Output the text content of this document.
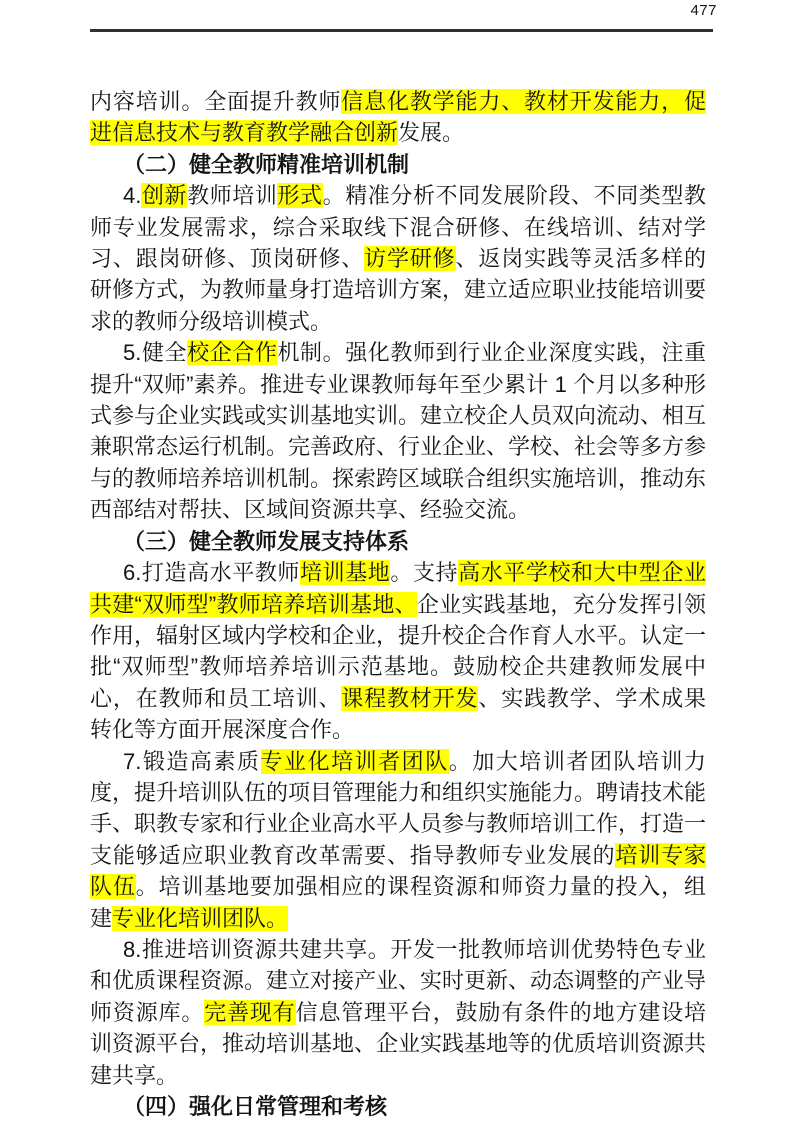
477
内容培训。全面提升教师信息化教学能力、教材开发能力，促进信息技术与教育教学融合创新发展。
（二）健全教师精准培训机制
4.创新教师培训形式。精准分析不同发展阶段、不同类型教师专业发展需求，综合采取线下混合研修、在线培训、结对学习、跟岗研修、顶岗研修、访学研修、返岗实践等灵活多样的研修方式，为教师量身打造培训方案，建立适应职业技能培训要求的教师分级培训模式。
5.健全校企合作机制。强化教师到行业企业深度实践，注重提升“双师”素养。推进专业课教师每年至少累计 1 个月以多种形式参与企业实践或实训基地实训。建立校企人员双向流动、相互兼职常态运行机制。完善政府、行业企业、学校、社会等多方参与的教师培养培训机制。探索跨区域联合组织实施培训，推动东西部结对帮扶、区域间资源共享、经验交流。
（三）健全教师发展支持体系
6.打造高水平教师培训基地。支持高水平学校和大中型企业共建“双师型”教师培养培训基地、企业实践基地，充分发挥引领作用，辐射区域内学校和企业，提升校企合作育人水平。认定一批“双师型”教师培养培训示范基地。鼓励校企共建教师发展中心，在教师和员工培训、课程教材开发、实践教学、学术成果转化等方面开展深度合作。
7.锻造高素质专业化培训者团队。加大培训者团队培训力度，提升培训队伍的项目管理能力和组织实施能力。聘请技术能手、职教专家和行业企业高水平人员参与教师培训工作，打造一支能够适应职业教育改革需要、指导教师专业发展的培训专家队伍。培训基地要加强相应的课程资源和师资力量的投入，组建专业化培训团队。
8.推进培训资源共建共享。开发一批教师培训优势特色专业和优质课程资源。建立对接产业、实时更新、动态调整的产业导师资源库。完善现有信息管理平台，鼓励有条件的地方建设培训资源平台，推动培训基地、企业实践基地等的优质培训资源共建共享。
（四）强化日常管理和考核
